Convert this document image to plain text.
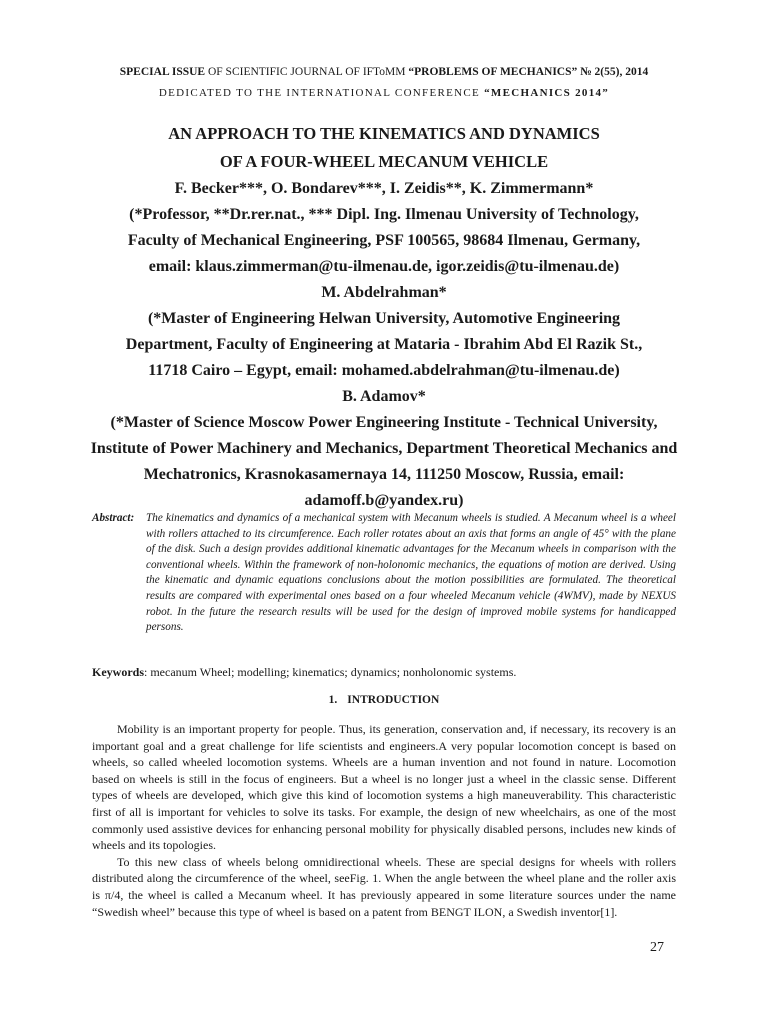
SPECIAL ISSUE OF SCIENTIFIC JOURNAL OF IFToMM “PROBLEMS OF MECHANICS” № 2(55), 2014
DEDICATED TO THE INTERNATIONAL CONFERENCE “MECHANICS 2014”
AN APPROACH TO THE KINEMATICS AND DYNAMICS
OF A FOUR-WHEEL MECANUM VEHICLE
F. Becker***, O. Bondarev***, I. Zeidis**, K. Zimmermann*
(*Professor, **Dr.rer.nat., *** Dipl. Ing. Ilmenau University of Technology,
Faculty of Mechanical Engineering, PSF 100565, 98684 Ilmenau, Germany,
email: klaus.zimmerman@tu-ilmenau.de, igor.zeidis@tu-ilmenau.de)
M. Abdelrahman*
(*Master of Engineering Helwan University, Automotive Engineering
Department, Faculty of Engineering at Mataria - Ibrahim Abd El Razik St.,
11718 Cairo – Egypt, email: mohamed.abdelrahman@tu-ilmenau.de)
B. Adamov*
(*Master of Science Moscow Power Engineering Institute - Technical University,
Institute of Power Machinery and Mechanics, Department Theoretical Mechanics and
Mechatronics, Krasnokasamernaya 14, 111250 Moscow, Russia, email:
adamoff.b@yandex.ru)
Abstract:	The kinematics and dynamics of a mechanical system with Mecanum wheels is studied. A Mecanum wheel is a wheel with rollers attached to its circumference. Each roller rotates about an axis that forms an angle of 45° with the plane of the disk. Such a design provides additional kinematic advantages for the Mecanum wheels in comparison with the conventional wheels. Within the framework of non-holonomic mechanics, the equations of motion are derived. Using the kinematic and dynamic equations conclusions about the motion possibilities are formulated. The theoretical results are compared with experimental ones based on a four wheeled Mecanum vehicle (4WMV), made by NEXUS robot. In the future the research results will be used for the design of improved mobile systems for handicapped persons.
Keywords: mecanum Wheel; modelling; kinematics; dynamics; nonholonomic systems.
1. INTRODUCTION

Mobility is an important property for people. Thus, its generation, conservation and, if necessary, its recovery is an important goal and a great challenge for life scientists and engineers.A very popular locomotion concept is based on wheels, so called wheeled locomotion systems. Wheels are a human invention and not found in nature. Locomotion based on wheels is still in the focus of engineers. But a wheel is no longer just a wheel in the classic sense. Different types of wheels are developed, which give this kind of locomotion systems a high maneuverability. This characteristic first of all is important for vehicles to solve its tasks. For example, the design of new wheelchairs, as one of the most commonly used assistive devices for enhancing personal mobility for physically disabled persons, includes new kinds of wheels and its topologies.

To this new class of wheels belong omnidirectional wheels. These are special designs for wheels with rollers distributed along the circumference of the wheel, seeFig. 1. When the angle between the wheel plane and the roller axis is π/4, the wheel is called a Mecanum wheel. It has previously appeared in some literature sources under the name “Swedish wheel” because this type of wheel is based on a patent from BENGT ILON, a Swedish inventor[1].

27
